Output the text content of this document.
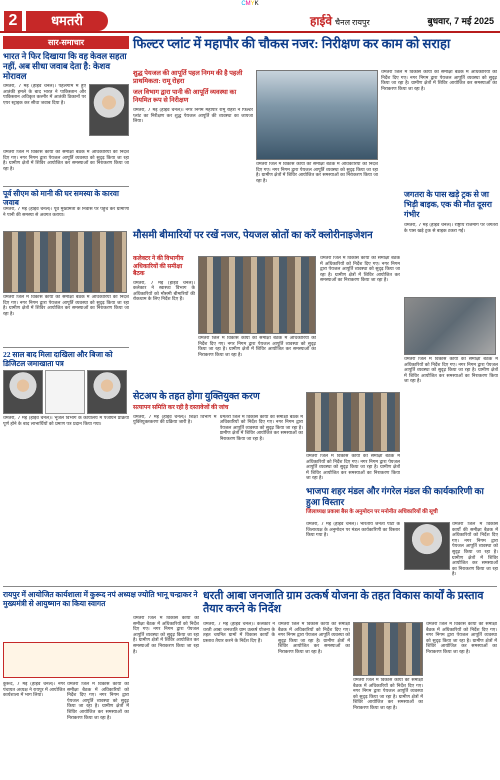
CMYK
2	धमतरी	हाईवे चैनल रायपुर	बुधवार, 7 मई 2025
सार-समाचार
भारत ने फिर दिखाया कि वह केवल सहता नहीं, अब सीधा जवाब देता है: केशव मोरावल
धमतरी, 7 मई (हाईवे चैनल)। पहलगाम में हुए आतंकी हमले के बाद भारत ने पाकिस्तान और पाकिस्तान अधिकृत कश्मीर में आतंकी ठिकानों पर एयर स्ट्राइक कर सीधा जवाब दिया है।
धमतरी जिले में विकास कार्यों की समीक्षा बैठक में अधिकारियों को निर्देश दिए गए। नगर निगम द्वारा पेयजल आपूर्ति व्यवस्था को सुदृढ़ किया जा रहा है। ग्रामीण क्षेत्रों में शिविर आयोजित कर समस्याओं का निराकरण किया जा रहा है।
पूर्व सीएम को मानी की घर समस्या के कारवा जवाब
धमतरी, 7 मई (हाईवे चैनल)। पूर्व मुख्यमंत्री के निवास पर पहुंच कर ग्रामीणों ने पानी की समस्या से अवगत कराया।
धमतरी जिले में विकास कार्यों की समीक्षा बैठक में अधिकारियों को निर्देश दिए गए। नगर निगम द्वारा पेयजल आपूर्ति व्यवस्था को सुदृढ़ किया जा रहा है। ग्रामीण क्षेत्रों में शिविर आयोजित कर समस्याओं का निराकरण किया जा रहा है।
22 साल बाद मिला दाखिला और बिजा को डिजिटल जमाखाता पत्र
धमतरी, 7 मई (हाईवे चैनल)। भूजल विभाग के कार्यालय में पंजीयन प्रक्रिया पूर्ण होने के बाद लाभार्थियों को प्रमाण पत्र प्रदान किया गया।
फिल्टर प्लांट में महापौर की चौकस नजर: निरीक्षण कर काम को सराहा
शुद्ध पेयजल की आपूर्ति पहल निगम की है पहली प्राथमिकता: रामू रोहरा
जल विभाग द्वारा पानी की आपूर्ति व्यवस्था का नियमित रूप से निरीक्षण
धमतरी, 7 मई (हाईवे चैनल)। नगर निगम महापौर रामू रोहरा ने फिल्टर प्लांट का निरीक्षण कर शुद्ध पेयजल आपूर्ति की व्यवस्था का जायजा लिया।
धमतरी जिले में विकास कार्यों की समीक्षा बैठक में अधिकारियों को निर्देश दिए गए। नगर निगम द्वारा पेयजल आपूर्ति व्यवस्था को सुदृढ़ किया जा रहा है। ग्रामीण क्षेत्रों में शिविर आयोजित कर समस्याओं का निराकरण किया जा रहा है।
धमतरी जिले में विकास कार्यों की समीक्षा बैठक में अधिकारियों को निर्देश दिए गए। नगर निगम द्वारा पेयजल आपूर्ति व्यवस्था को सुदृढ़ किया जा रहा है। ग्रामीण क्षेत्रों में शिविर आयोजित कर समस्याओं का निराकरण किया जा रहा है।
मौसमी बीमारियों पर रखें नजर, पेयजल स्रोतों का करें क्लोरीनाइजेशन
कलेक्टर ने की विभागीय अधिकारियों की समीक्षा बैठक
धमतरी, 7 मई (हाईवे चैनल)। कलेक्टर ने स्वास्थ्य विभाग के अधिकारियों को मौसमी बीमारियों की रोकथाम के लिए निर्देश दिए हैं।
धमतरी जिले में विकास कार्यों की समीक्षा बैठक में अधिकारियों को निर्देश दिए गए। नगर निगम द्वारा पेयजल आपूर्ति व्यवस्था को सुदृढ़ किया जा रहा है। ग्रामीण क्षेत्रों में शिविर आयोजित कर समस्याओं का निराकरण किया जा रहा है।
धमतरी जिले में विकास कार्यों की समीक्षा बैठक में अधिकारियों को निर्देश दिए गए। नगर निगम द्वारा पेयजल आपूर्ति व्यवस्था को सुदृढ़ किया जा रहा है। ग्रामीण क्षेत्रों में शिविर आयोजित कर समस्याओं का निराकरण किया जा रहा है।
जगतरा के पास खड़े ट्रक से जा भिड़ी बाइक, एक की मौत दूसरा गंभीर
धमतरी, 7 मई (हाईवे चैनल)। राष्ट्रीय राजमार्ग पर जगतरा के पास खड़े ट्रक से बाइक टकरा गई।
धमतरी जिले में विकास कार्यों की समीक्षा बैठक में अधिकारियों को निर्देश दिए गए। नगर निगम द्वारा पेयजल आपूर्ति व्यवस्था को सुदृढ़ किया जा रहा है। ग्रामीण क्षेत्रों में शिविर आयोजित कर समस्याओं का निराकरण किया जा रहा है।
सेटअप के तहत होगा युक्तियुक्त करण
सत्यापन समिति कर रही है दस्तावेजों की जांच
धमतरी, 7 मई (हाईवे चैनल)। शिक्षा विभाग में युक्तियुक्तकरण की प्रक्रिया जारी है।
धमतरी जिले में विकास कार्यों की समीक्षा बैठक में अधिकारियों को निर्देश दिए गए। नगर निगम द्वारा पेयजल आपूर्ति व्यवस्था को सुदृढ़ किया जा रहा है। ग्रामीण क्षेत्रों में शिविर आयोजित कर समस्याओं का निराकरण किया जा रहा है।
धमतरी जिले में विकास कार्यों की समीक्षा बैठक में अधिकारियों को निर्देश दिए गए। नगर निगम द्वारा पेयजल आपूर्ति व्यवस्था को सुदृढ़ किया जा रहा है। ग्रामीण क्षेत्रों में शिविर आयोजित कर समस्याओं का निराकरण किया जा रहा है।
भाजपा शहर मंडल और गंगरेल मंडल की कार्यकारिणी का हुआ विस्तार
जिलाध्यक्ष प्रकाश बैस के अनुमोदन पर मनोनीत अधिकारियों की सूची
धमतरी, 7 मई (हाईवे चैनल)। भारतीय जनता पार्टी के जिलाध्यक्ष के अनुमोदन पर मंडल कार्यकारिणी का विस्तार किया गया है।
धमतरी जिले में विकास कार्यों की समीक्षा बैठक में अधिकारियों को निर्देश दिए गए। नगर निगम द्वारा पेयजल आपूर्ति व्यवस्था को सुदृढ़ किया जा रहा है। ग्रामीण क्षेत्रों में शिविर आयोजित कर समस्याओं का निराकरण किया जा रहा है।
रायपुर में आयोजित कार्यशाला में कुरूद नपं अध्यक्ष ज्योति भानू चन्द्राकर ने मुख्यमंत्री से आयुष्मान का किया स्वागत
कुरूद, 7 मई (हाईवे चैनल)। नगर पंचायत अध्यक्ष ने रायपुर में आयोजित कार्यशाला में भाग लिया।
धमतरी जिले में विकास कार्यों की समीक्षा बैठक में अधिकारियों को निर्देश दिए गए। नगर निगम द्वारा पेयजल आपूर्ति व्यवस्था को सुदृढ़ किया जा रहा है। ग्रामीण क्षेत्रों में शिविर आयोजित कर समस्याओं का निराकरण किया जा रहा है।
धमतरी जिले में विकास कार्यों की समीक्षा बैठक में अधिकारियों को निर्देश दिए गए। नगर निगम द्वारा पेयजल आपूर्ति व्यवस्था को सुदृढ़ किया जा रहा है। ग्रामीण क्षेत्रों में शिविर आयोजित कर समस्याओं का निराकरण किया जा रहा है।
धरती आबा जनजाति ग्राम उत्कर्ष योजना के तहत विकास कार्यों के प्रस्ताव तैयार करने के निर्देश
धमतरी, 7 मई (हाईवे चैनल)। कलेक्टर ने धरती आबा जनजाति ग्राम उत्कर्ष योजना के तहत चयनित ग्रामों में विकास कार्यों के प्रस्ताव तैयार करने के निर्देश दिए हैं।
धमतरी जिले में विकास कार्यों की समीक्षा बैठक में अधिकारियों को निर्देश दिए गए। नगर निगम द्वारा पेयजल आपूर्ति व्यवस्था को सुदृढ़ किया जा रहा है। ग्रामीण क्षेत्रों में शिविर आयोजित कर समस्याओं का निराकरण किया जा रहा है।
धमतरी जिले में विकास कार्यों की समीक्षा बैठक में अधिकारियों को निर्देश दिए गए। नगर निगम द्वारा पेयजल आपूर्ति व्यवस्था को सुदृढ़ किया जा रहा है। ग्रामीण क्षेत्रों में शिविर आयोजित कर समस्याओं का निराकरण किया जा रहा है।
धमतरी जिले में विकास कार्यों की समीक्षा बैठक में अधिकारियों को निर्देश दिए गए। नगर निगम द्वारा पेयजल आपूर्ति व्यवस्था को सुदृढ़ किया जा रहा है। ग्रामीण क्षेत्रों में शिविर आयोजित कर समस्याओं का निराकरण किया जा रहा है।
